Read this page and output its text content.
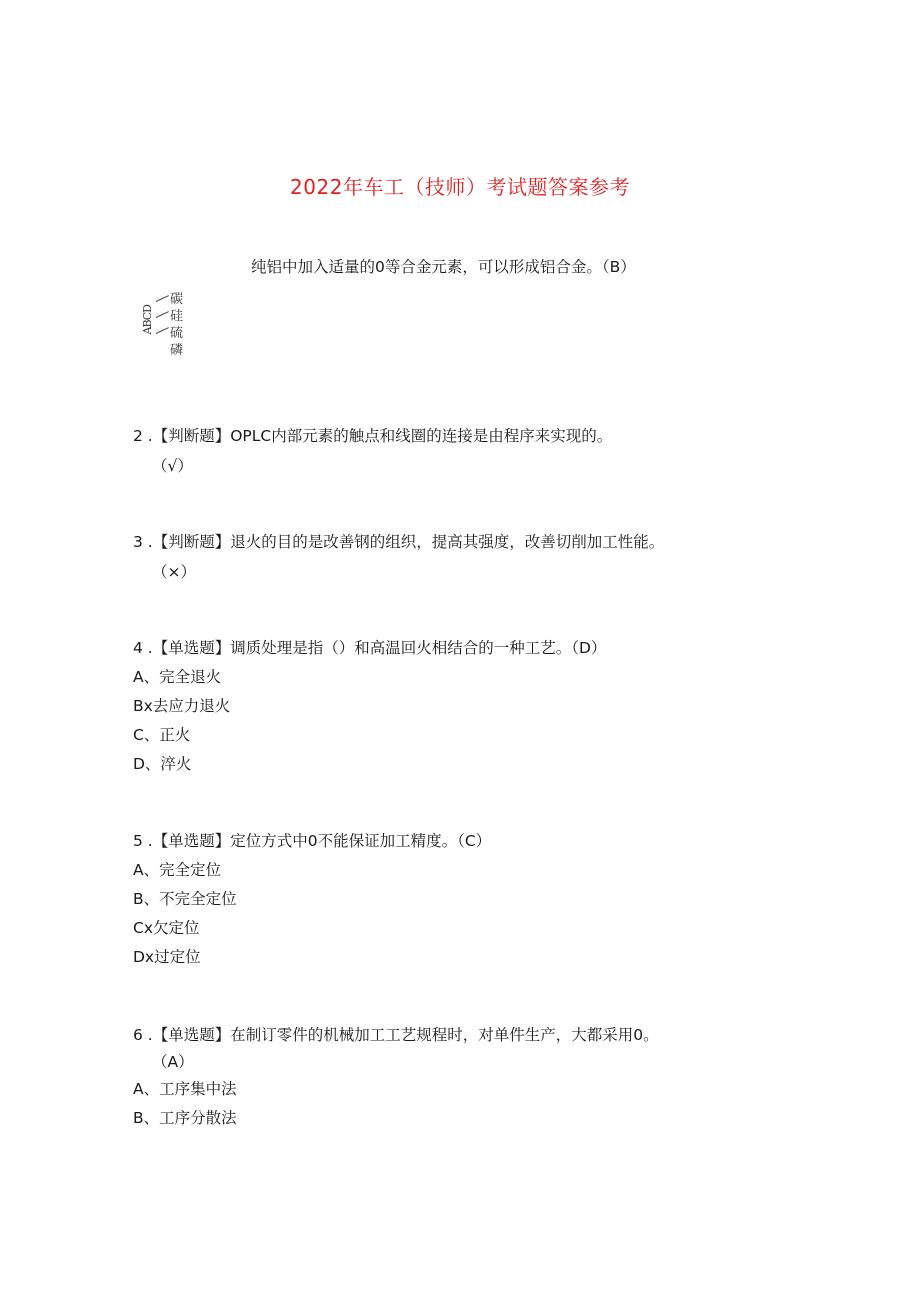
2022年车工（技师）考试题答案参考
纯铝中加入适量的0等合金元素，可以形成铝合金。（B）
ABCD
碳
硅
硫
磷
2 .【判断题】OPLC内部元素的触点和线圈的连接是由程序来实现的。
（√）
3 .【判断题】退火的目的是改善钢的组织，提高其强度，改善切削加工性能。
（×）
4 .【单选题】调质处理是指（）和高温回火相结合的一种工艺。（D）
A、完全退火
Bx去应力退火
C、正火
D、淬火
5 .【单选题】定位方式中0不能保证加工精度。（C）
A、完全定位
B、不完全定位
Cx欠定位
Dx过定位
6 .【单选题】在制订零件的机械加工工艺规程时，对单件生产，大都采用0。
（A）
A、工序集中法
B、工序分散法
